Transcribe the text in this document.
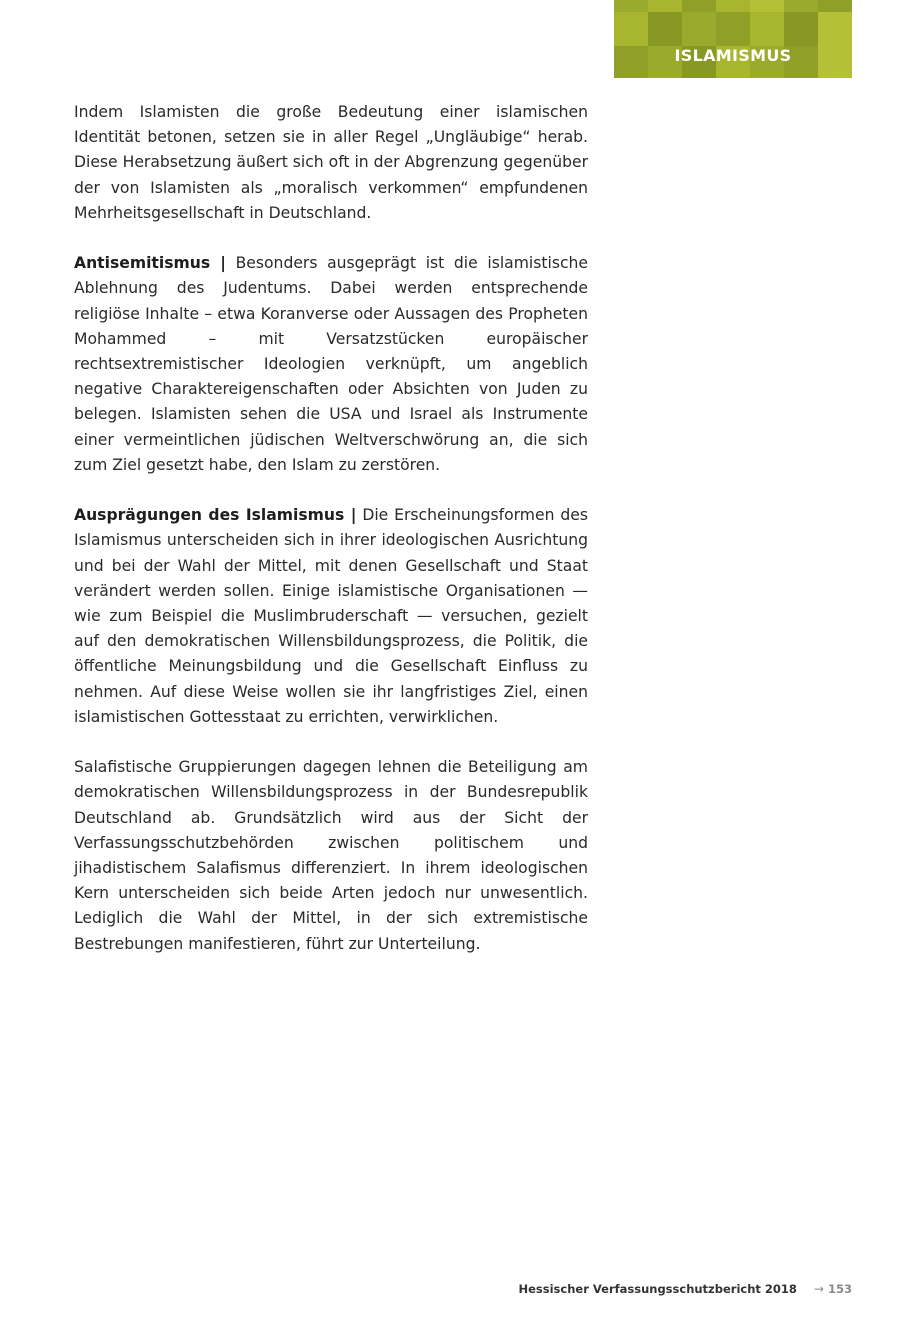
ISLAMISMUS

Indem Islamisten die große Bedeutung einer islamischen Identität betonen, setzen sie in aller Regel „Ungläubige“ herab. Diese Herabsetzung äußert sich oft in der Abgrenzung gegenüber der von Islamisten als „moralisch verkommen“ empfundenen Mehrheitsgesellschaft in Deutschland.

Antisemitismus | Besonders ausgeprägt ist die islamistische Ablehnung des Judentums. Dabei werden entsprechende religiöse Inhalte – etwa Koranverse oder Aussagen des Propheten Mohammed – mit Versatzstücken europäischer rechtsextremistischer Ideologien verknüpft, um angeblich negative Charaktereigenschaften oder Absichten von Juden zu belegen. Islamisten sehen die USA und Israel als Instrumente einer vermeintlichen jüdischen Weltverschwörung an, die sich zum Ziel gesetzt habe, den Islam zu zerstören.

Ausprägungen des Islamismus | Die Erscheinungsformen des Islamismus unterscheiden sich in ihrer ideologischen Ausrichtung und bei der Wahl der Mittel, mit denen Gesellschaft und Staat verändert werden sollen. Einige islamistische Organisationen — wie zum Beispiel die Muslimbruderschaft — versuchen, gezielt auf den demokratischen Willensbildungsprozess, die Politik, die öffentliche Meinungsbildung und die Gesellschaft Einfluss zu nehmen. Auf diese Weise wollen sie ihr langfristiges Ziel, einen islamistischen Gottesstaat zu errichten, verwirklichen.

Salafistische Gruppierungen dagegen lehnen die Beteiligung am demokratischen Willensbildungsprozess in der Bundesrepublik Deutschland ab. Grundsätzlich wird aus der Sicht der Verfassungsschutzbehörden zwischen politischem und jihadistischem Salafismus differenziert. In ihrem ideologischen Kern unterscheiden sich beide Arten jedoch nur unwesentlich. Lediglich die Wahl der Mittel, in der sich extremistische Bestrebungen manifestieren, führt zur Unterteilung.

Hessischer Verfassungsschutzbericht 2018 → 153
